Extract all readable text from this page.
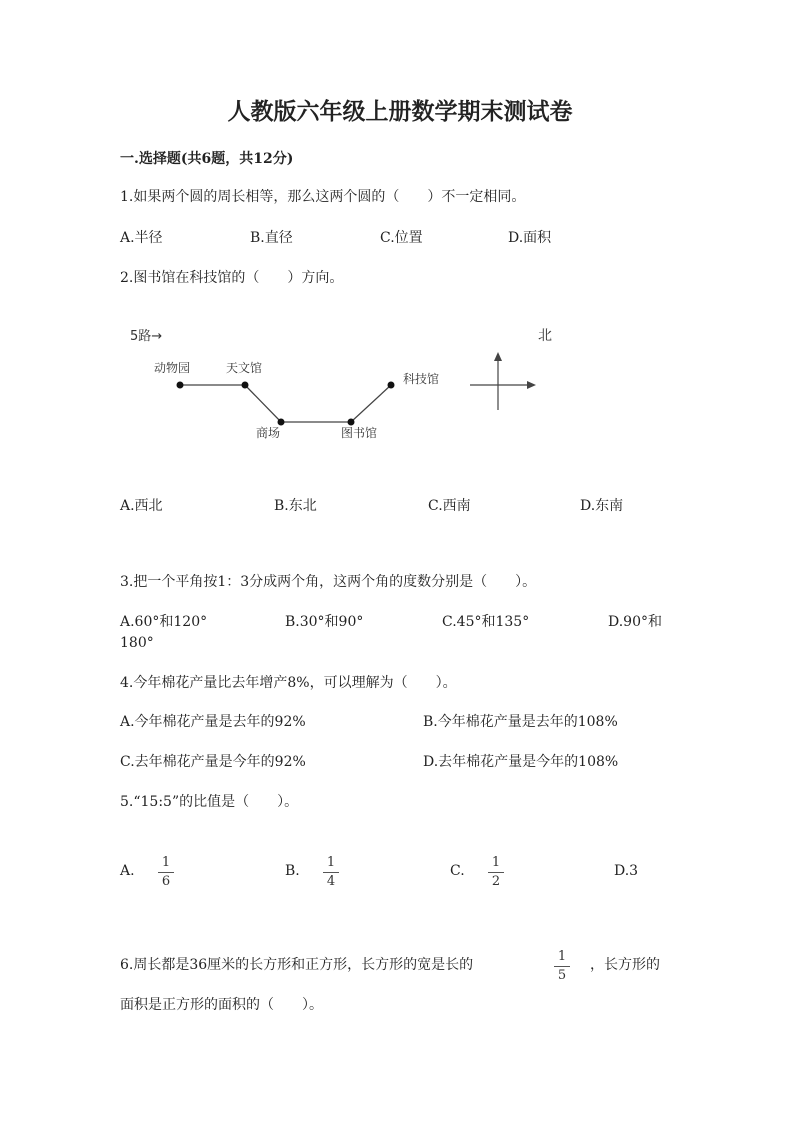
人教版六年级上册数学期末测试卷
一.选择题(共6题，共12分)
1.如果两个圆的周长相等，那么这两个圆的（　　）不一定相同。
A.半径	B.直径	C.位置	D.面积
2.图书馆在科技馆的（　　）方向。
5路→	北
动物园	天文馆
商场	图书馆
科技馆
A.西北	B.东北	C.西南	D.东南
3.把一个平角按1：3分成两个角，这两个角的度数分别是（　　）。
A.60°和120°	B.30°和90°	C.45°和135°	D.90°和
180°
4.今年棉花产量比去年增产8%，可以理解为（　　）。
A.今年棉花产量是去年的92%	B.今年棉花产量是去年的108%
C.去年棉花产量是今年的92%	D.去年棉花产量是今年的108%
5.“15:5”的比值是（　　）。
A.
1
6
B.
1
4
C.
1
2
D.3
6.周长都是36厘米的长方形和正方形，长方形的宽是长的
1
5
，长方形的
面积是正方形的面积的（　　）。
